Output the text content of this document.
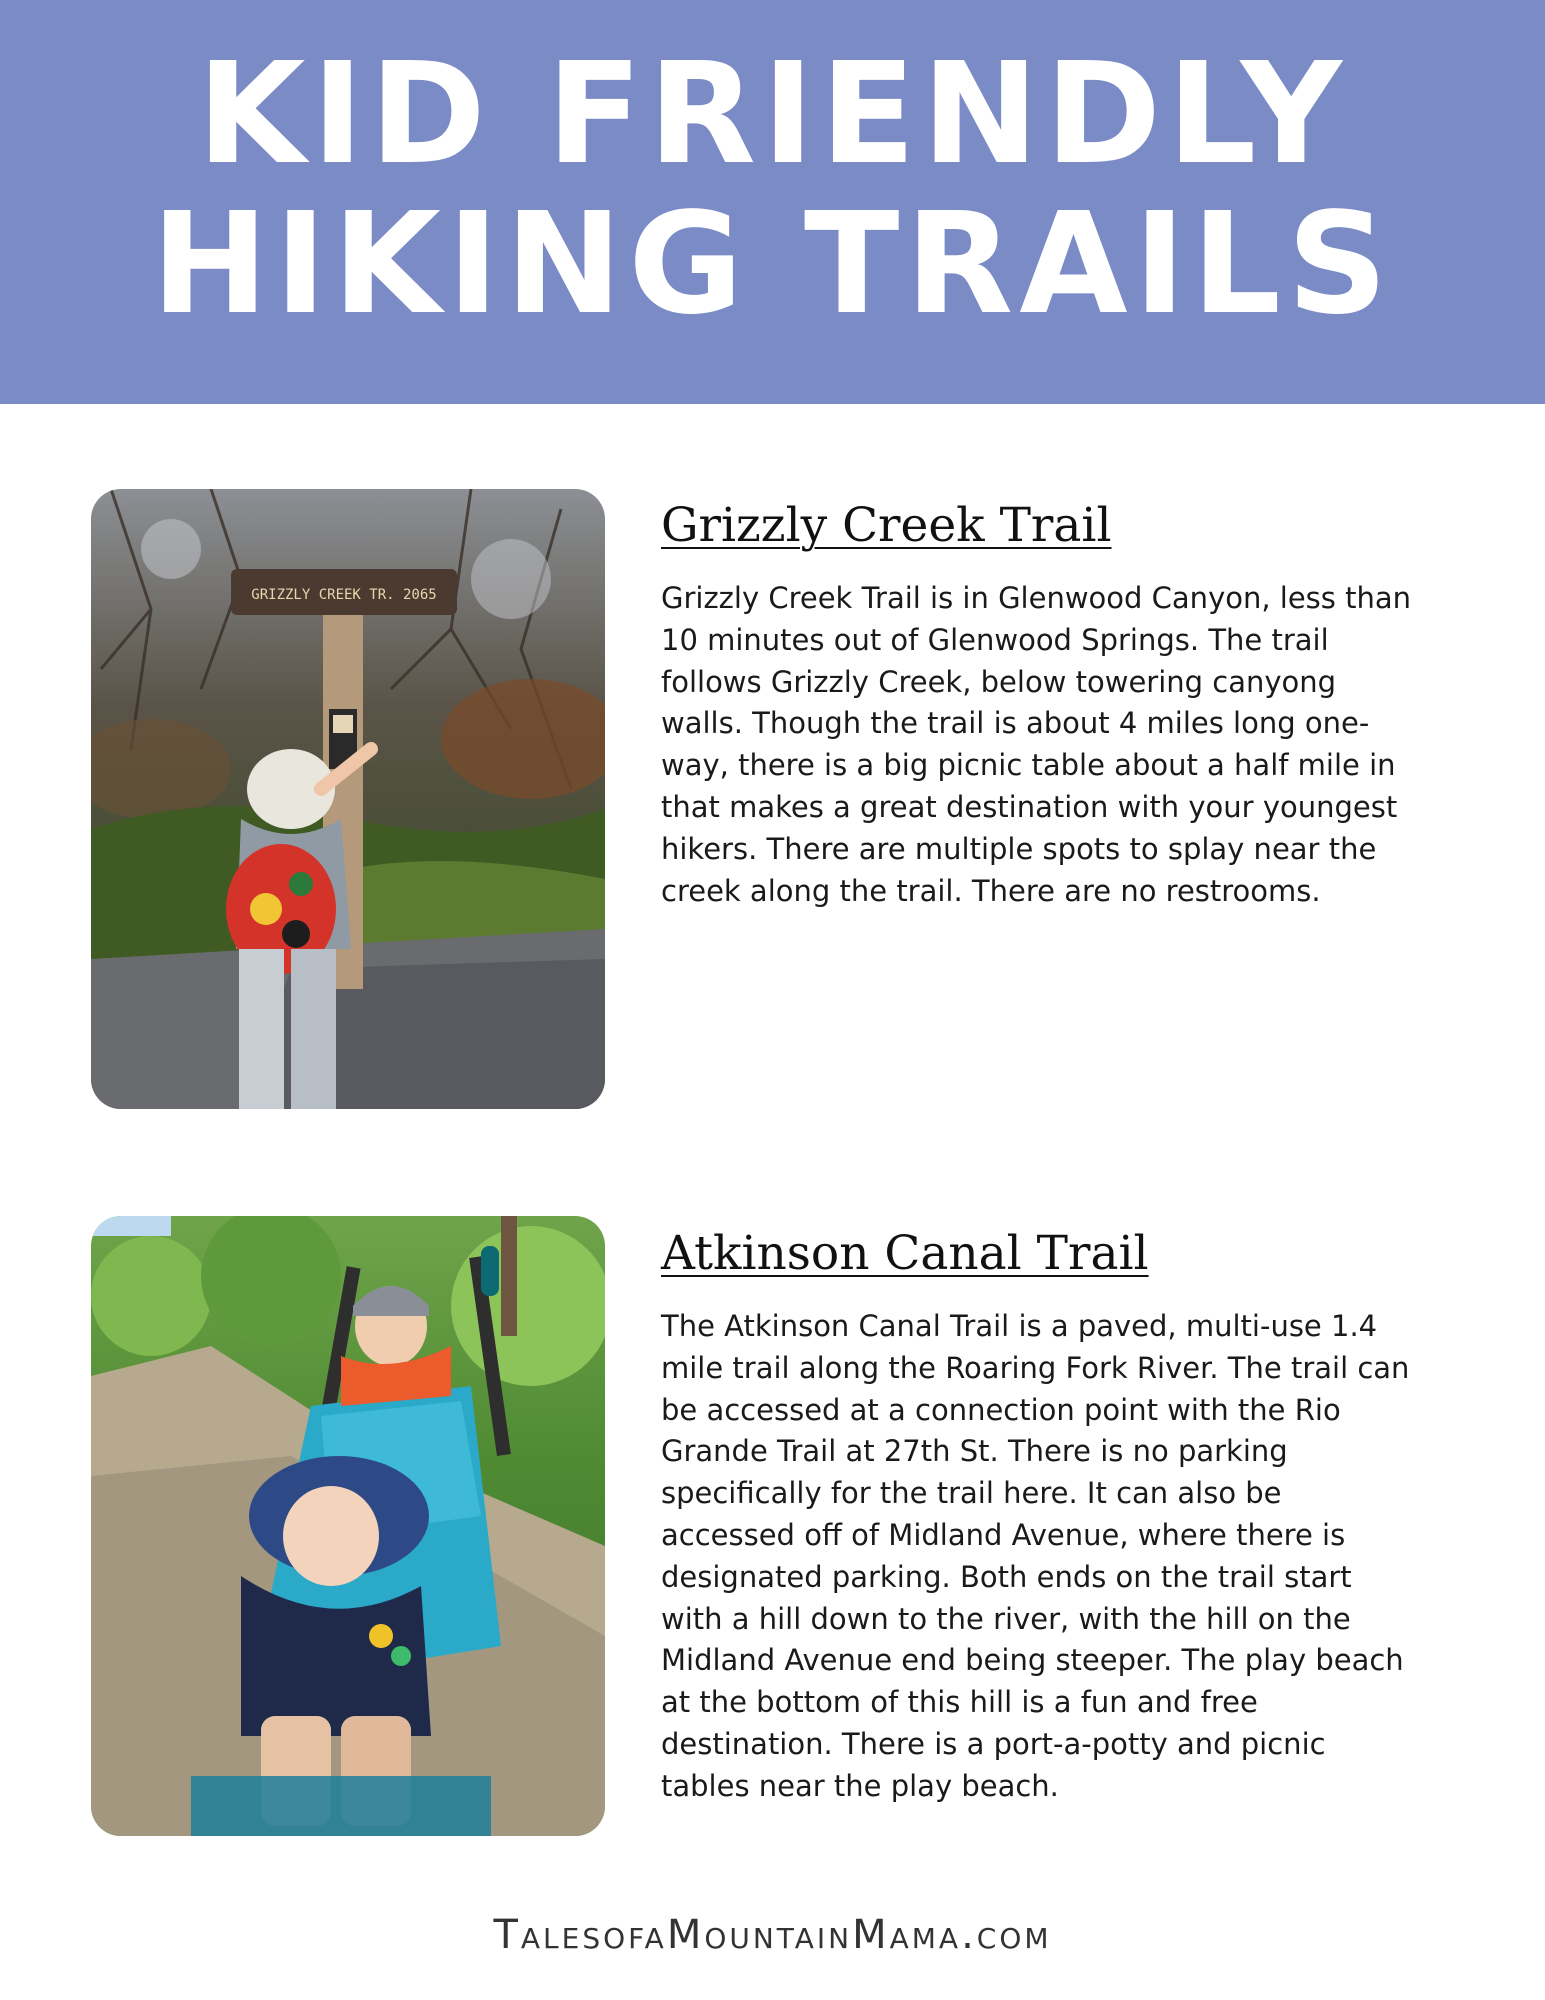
KID FRIENDLY
HIKING TRAILS
GRIZZLY CREEK TR. 2065
Grizzly Creek Trail

Grizzly Creek Trail is in Glenwood Canyon, less than 10 minutes out of Glenwood Springs. The trail follows Grizzly Creek, below towering canyong walls. Though the trail is about 4 miles long one-way, there is a big picnic table about a half mile in that makes a great destination with your youngest hikers. There are multiple spots to splay near the creek along the trail. There are no restrooms.

Atkinson Canal Trail

The Atkinson Canal Trail is a paved, multi-use 1.4 mile trail along the Roaring Fork River. The trail can be accessed at a connection point with the Rio Grande Trail at 27th St. There is no parking specifically for the trail here. It can also be accessed off of Midland Avenue, where there is designated parking. Both ends on the trail start with a hill down to the river, with the hill on the Midland Avenue end being steeper. The play beach at the bottom of this hill is a fun and free destination. There is a port-a-potty and picnic tables near the play beach.

TalesofaMountainMama.com
